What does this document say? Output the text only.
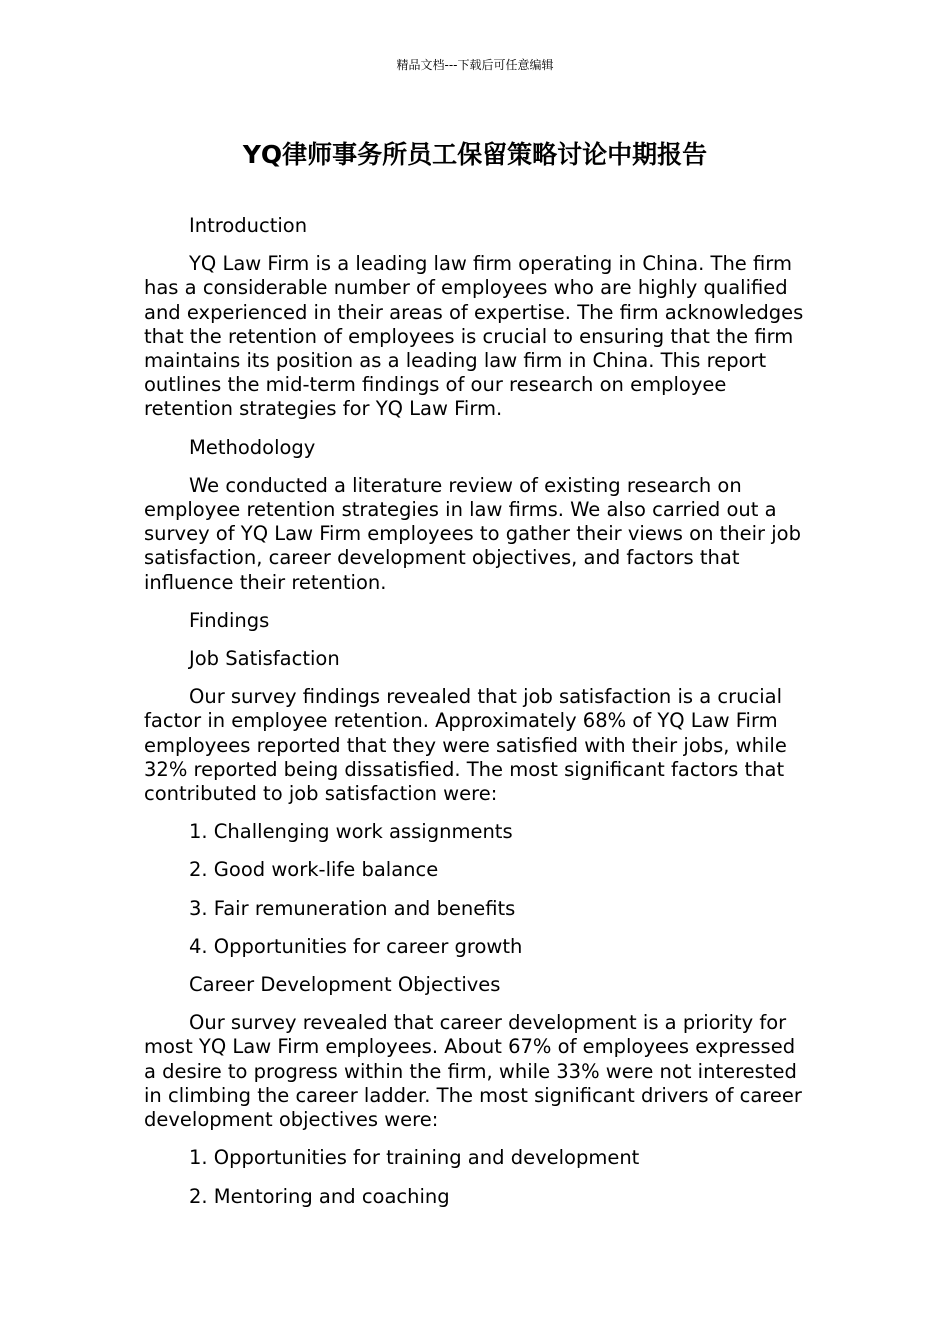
精品文档---下载后可任意编辑
YQ律师事务所员工保留策略讨论中期报告

Introduction

YQ Law Firm is a leading law firm operating in China. The firm has a considerable number of employees who are highly qualified and experienced in their areas of expertise. The firm acknowledges that the retention of employees is crucial to ensuring that the firm maintains its position as a leading law firm in China. This report outlines the mid-term findings of our research on employee retention strategies for YQ Law Firm.

Methodology

We conducted a literature review of existing research on employee retention strategies in law firms. We also carried out a survey of YQ Law Firm employees to gather their views on their job satisfaction, career development objectives, and factors that influence their retention.

Findings

Job Satisfaction

Our survey findings revealed that job satisfaction is a crucial factor in employee retention. Approximately 68% of YQ Law Firm employees reported that they were satisfied with their jobs, while 32% reported being dissatisfied. The most significant factors that contributed to job satisfaction were:

1. Challenging work assignments

2. Good work-life balance

3. Fair remuneration and benefits

4. Opportunities for career growth

Career Development Objectives

Our survey revealed that career development is a priority for most YQ Law Firm employees. About 67% of employees expressed a desire to progress within the firm, while 33% were not interested in climbing the career ladder. The most significant drivers of career development objectives were:

1. Opportunities for training and development

2. Mentoring and coaching
